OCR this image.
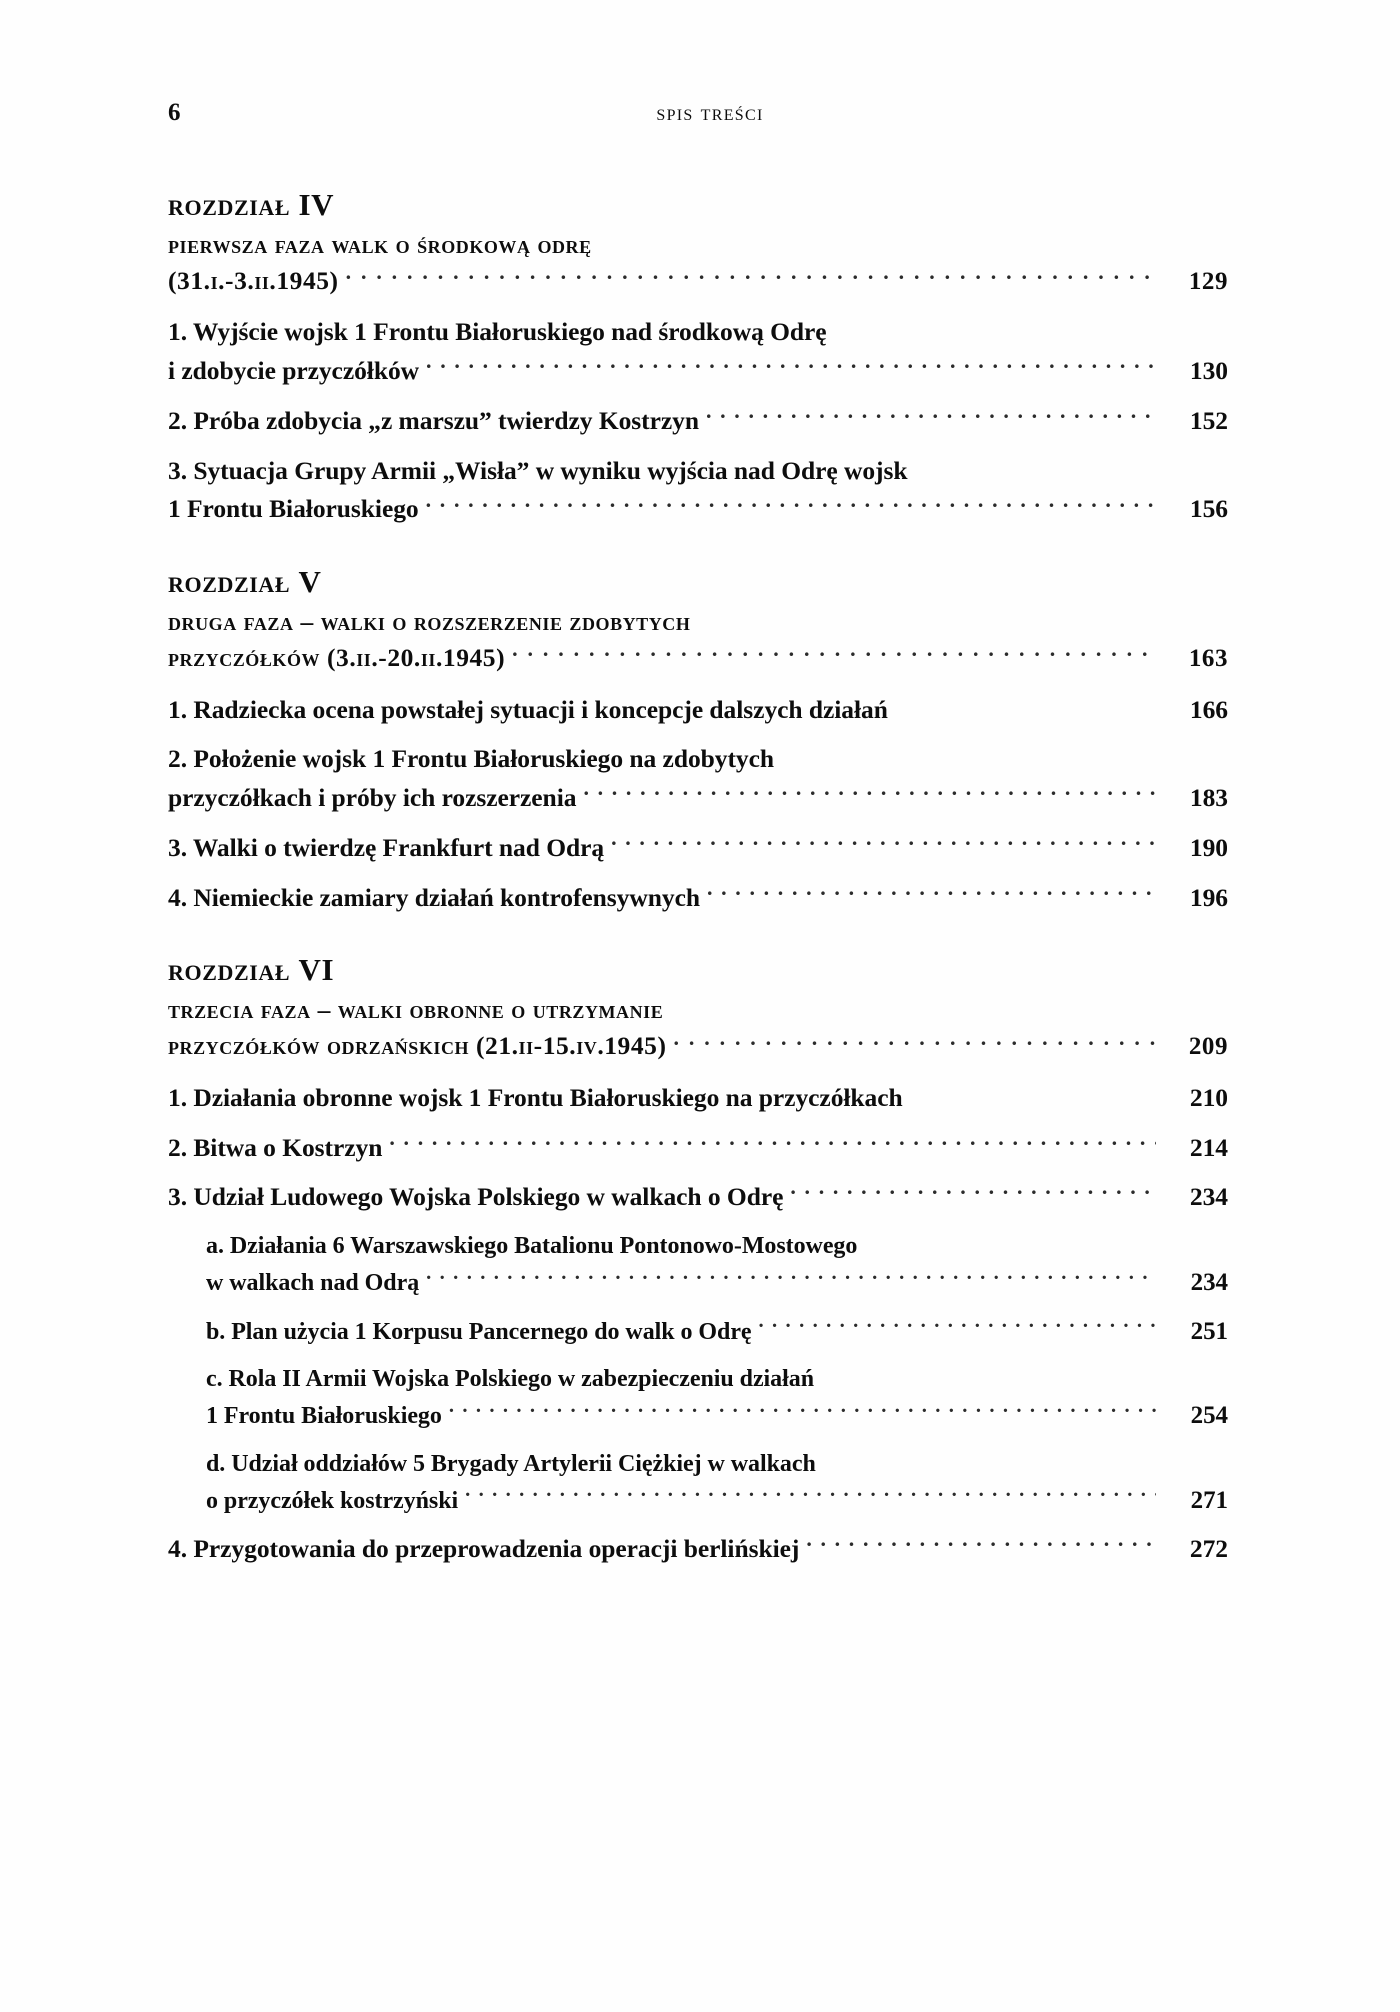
6	spis treści
rozdział IV
pierwsza faza walk o środkową odrę
(31.i.-3.ii.1945) . . .	129
1. Wyjście wojsk 1 Frontu Białoruskiego nad środkową Odrę
i zdobycie przyczółków . . .	130
2. Próba zdobycia „z marszu” twierdzy Kostrzyn . . .	152
3. Sytuacja Grupy Armii „Wisła” w wyniku wyjścia nad Odrę wojsk
1 Frontu Białoruskiego . . .	156
rozdział V
druga faza – walki o rozszerzenie zdobytych
przyczółków (3.ii.-20.ii.1945) . . .	163
1. Radziecka ocena powstałej sytuacji i koncepcje dalszych działań	166
2. Położenie wojsk 1 Frontu Białoruskiego na zdobytych
przyczółkach i próby ich rozszerzenia . . .	183
3. Walki o twierdzę Frankfurt nad Odrą . . .	190
4. Niemieckie zamiary działań kontrofensywnych . . .	196
rozdział VI
trzecia faza – walki obronne o utrzymanie
przyczółków odrzańskich (21.ii-15.iv.1945) . . .	209
1. Działania obronne wojsk 1 Frontu Białoruskiego na przyczółkach	210
2. Bitwa o Kostrzyn . . .	214
3. Udział Ludowego Wojska Polskiego w walkach o Odrę . . .	234
a. Działania 6 Warszawskiego Batalionu Pontonowo-Mostowego
w walkach nad Odrą . . .	234
b. Plan użycia 1 Korpusu Pancernego do walk o Odrę . . .	251
c. Rola II Armii Wojska Polskiego w zabezpieczeniu działań
1 Frontu Białoruskiego . . .	254
d. Udział oddziałów 5 Brygady Artylerii Ciężkiej w walkach
o przyczółek kostrzyński . . .	271
4. Przygotowania do przeprowadzenia operacji berlińskiej . . .	272
